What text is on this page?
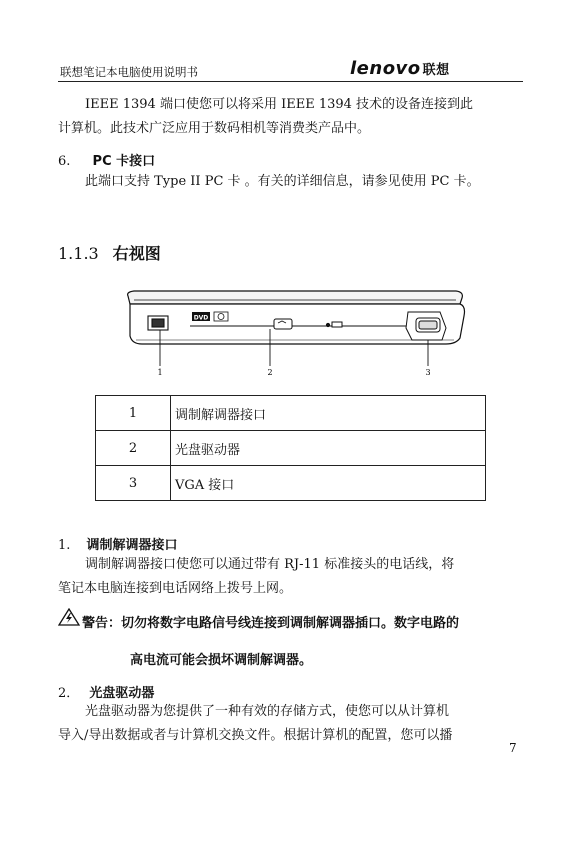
联想笔记本电脑使用说明书	lenovo 联想
IEEE 1394 端口使您可以将采用 IEEE 1394 技术的设备连接到此
计算机。此技术广泛应用于数码相机等消费类产品中。
6. PC 卡接口
此端口支持 Type II PC 卡 。有关的详细信息，请参见使用 PC 卡。
1.1.3 右视图
DVD
1	2	3
1	调制解调器接口
2	光盘驱动器
3	VGA 接口
1. 调制解调器接口
调制解调器接口使您可以通过带有 RJ-11 标准接头的电话线，将
笔记本电脑连接到电话网络上拨号上网。
警告：切勿将数字电路信号线连接到调制解调器插口。数字电路的
高电流可能会损坏调制解调器。
2． 光盘驱动器
光盘驱动器为您提供了一种有效的存储方式，使您可以从计算机
导入/导出数据或者与计算机交换文件。根据计算机的配置，您可以播
7
